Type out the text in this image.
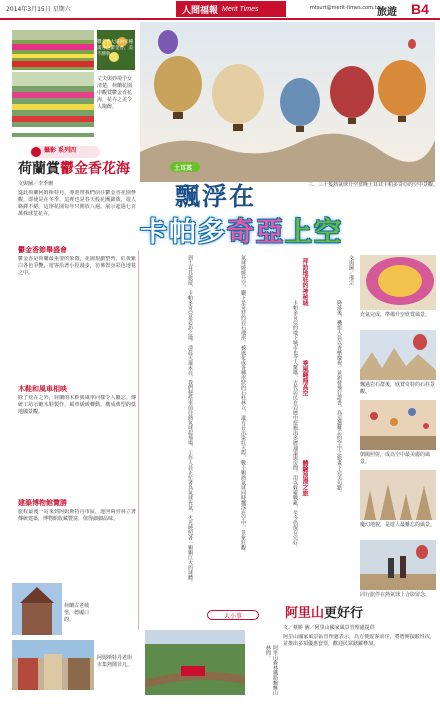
2014年3月15日 星期六	人間福報 Merit Times	mtsurt@merit-times.com.tw
旅遊 B4
鬱金香大道兩旁種滿各色鬱金香，美不勝收。
丈夫與妙境予女清楚，荷蘭花園中觀賞鬱金香花海，花卉之美令人陶醉。
攝影 系列四
荷蘭賞鬱金香花海
文與圖／李季珊
從此荷蘭阿姆斯特丹，導遊帶我們前往鬱金香花園參觀，即使是在冬季，這裡也是春天般花團錦簇，遊人絡繹不絕。這座花園每年只開放八週，展示超過七百萬株球莖花卉。
鬱金香節舉盛會
鬱金香是荷蘭最重要的象徵，花圃規劃整齊，紅黃紫白各色爭艷，遊客沿著小徑漫步，彷彿置身彩色地毯之中。
木鞋和風車相映
除了花卉之外，荷蘭的木鞋與風車同樣令人難忘。傳統工坊示範木鞋製作，風車緩緩轉動，構成典型的低地國景觀。
建築博物館覽勝
旅程最後一站來到阿姆斯特丹市區，運河兩旁林立著傳統建築，博物館收藏豐富，值得細細品味。
荷蘭古老城堡，德國口的。
阿姆斯特丹老街市集熱鬧非凡。
三、三十隻熱氣球升空當晚土耳其卡帕多奇亞的空中景觀。
土耳其
飄浮在
卡帕多奇亞上空
到土耳其旅遊，卡帕多奇亞是必訪之地。清晨天還未亮，我們便搭車前往熱氣球起飛場，工作人員正忙著為氣球充氣，火光映照著一顆顆巨大的球體。	氣球緩緩升空，腳下是奇特的岩石地形，被風化成各種形狀的石柱林立，遠方日出染紅天際，數十顆熱氣球同時飄浮在空中，景象壯觀。	卡帕多奇亞的地下城市也令人驚嘆，古代居民在岩層中挖掘出多層通道與房間，用以躲避戰亂，至今仍保存完好。	降落後，機組人員以香檳慶祝，並頒發飛行證書，為這趟難忘的空中之旅畫下完美句點。
文與圖／邢宗
拜訪地底的神秘城
乘風翱翔高空
體驗浪漫之旅
充氣完成，準備升空欣賞風景。
飄過岩石群後，欣賞奇特的石柱景觀。
朝陽照射，成為空中最美麗的風景。
魔幻地貌，是遊人最難忘的風景。
同行旅伴在熱氣球上合影留念。
大小事	阿里山更好行
文／蔡勝 圖／阿里山國家風景管理處提供
阿里山森林鐵路蜿蜒山林間。
阿里山國家風景區管理處表示，為方便遊客前往，將增開接駁班次，並推出多項優惠套票，歡迎民眾踴躍參加。
